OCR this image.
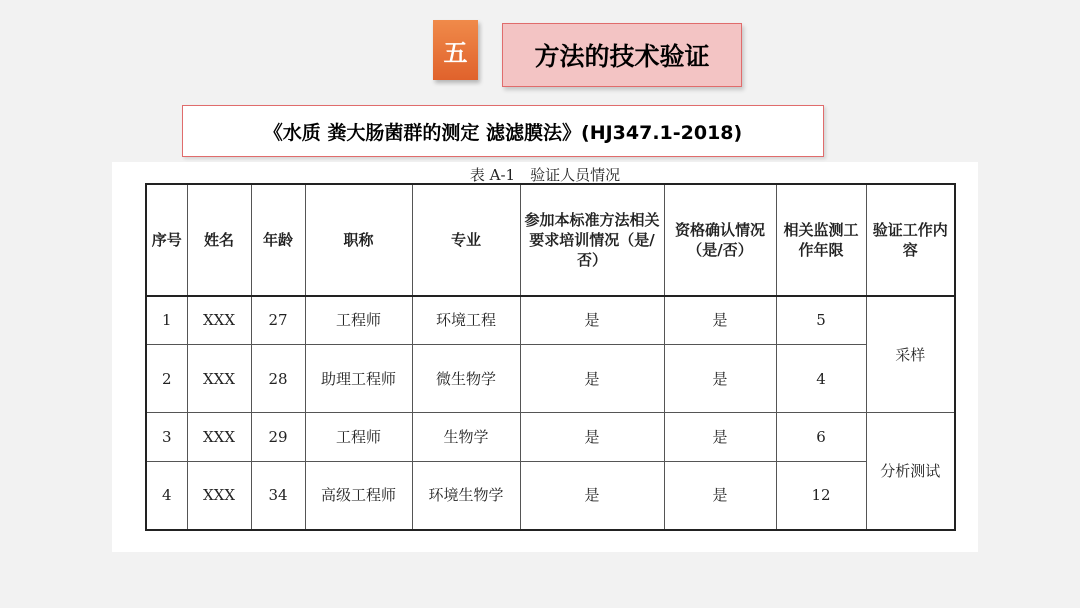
五	方法的技术验证
《水质 粪大肠菌群的测定 滤滤膜法》(HJ347.1-2018)
表 A-1　验证人员情况
序号	姓名	年龄	职称	专业	参加本标准方法相关要求培训情况（是/否）	资格确认情况（是/否）	相关监测工作年限	验证工作内容
1	XXX	27	工程师	环境工程	是	是	5	采样
2	XXX	28	助理工程师	微生物学	是	是	4	
3	XXX	29	工程师	生物学	是	是	6	分析测试
4	XXX	34	高级工程师	环境生物学	是	是	12	
